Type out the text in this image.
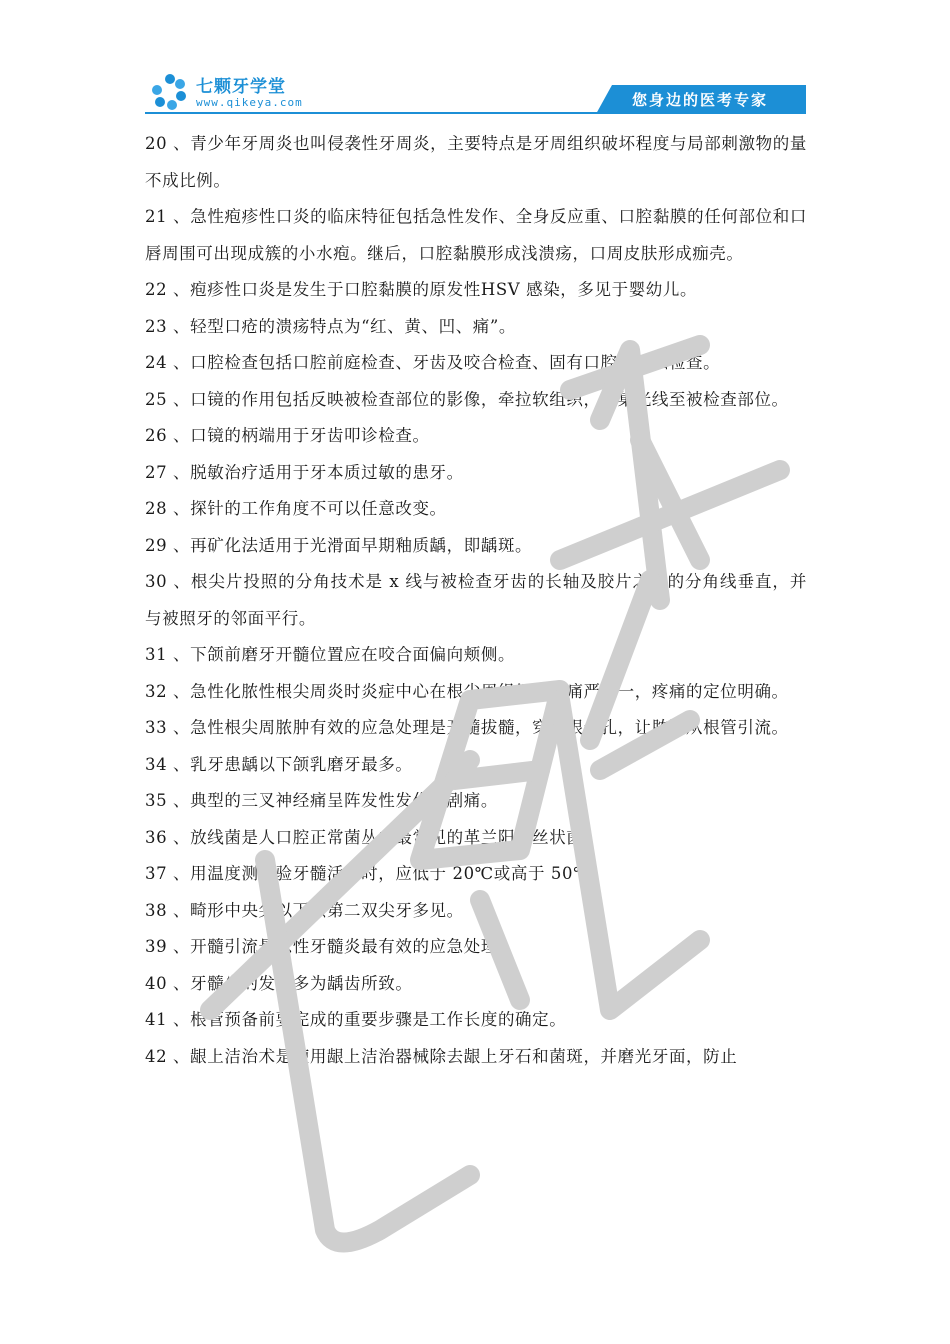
七颗牙学堂
www.qikeya.com	您身边的医考专家

20 、青少年牙周炎也叫侵袭性牙周炎，主要特点是牙周组织破坏程度与局部刺激物的量不成比例。

21 、急性疱疹性口炎的临床特征包括急性发作、全身反应重、口腔黏膜的任何部位和口唇周围可出现成簇的小水疱。继后，口腔黏膜形成浅溃疡，口周皮肤形成痂壳。

22 、疱疹性口炎是发生于口腔黏膜的原发性HSV 感染，多见于婴幼儿。

23 、轻型口疮的溃疡特点为“红、黄、凹、痛”。

24 、口腔检查包括口腔前庭检查、牙齿及咬合检查、固有口腔及口咽检查。

25 、口镜的作用包括反映被检查部位的影像，牵拉软组织，聚集光线至被检查部位。

26 、口镜的柄端用于牙齿叩诊检查。

27 、脱敏治疗适用于牙本质过敏的患牙。

28 、探针的工作角度不可以任意改变。

29 、再矿化法适用于光滑面早期釉质龋，即龋斑。

30 、根尖片投照的分角技术是 x 线与被检查牙齿的长轴及胶片之间的分角线垂直，并与被照牙的邻面平行。

31 、下颌前磨牙开髓位置应在咬合面偏向颊侧。

32 、急性化脓性根尖周炎时炎症中心在根尖周组织，叩痛严重一，疼痛的定位明确。

33 、急性根尖周脓肿有效的应急处理是开髓拔髓，穿刺根尖孔，让脓液从根管引流。

34 、乳牙患龋以下颌乳磨牙最多。

35 、典型的三叉神经痛呈阵发性发作性剧痛。

36 、放线菌是人口腔正常菌丛中最常见的革兰阳性丝状菌。

37 、用温度测、验牙髓活力时，应低于 20℃或高于 50℃。

38 、畸形中央尖以下颌第二双尖牙多见。

39 、开髓引流是急性牙髓炎最有效的应急处理。

40 、牙髓炎的发生多为龋齿所致。

41 、根管预备前要完成的重要步骤是工作长度的确定。

42 、龈上洁治术是使用龈上洁治器械除去龈上牙石和菌斑，并磨光牙面，防止
